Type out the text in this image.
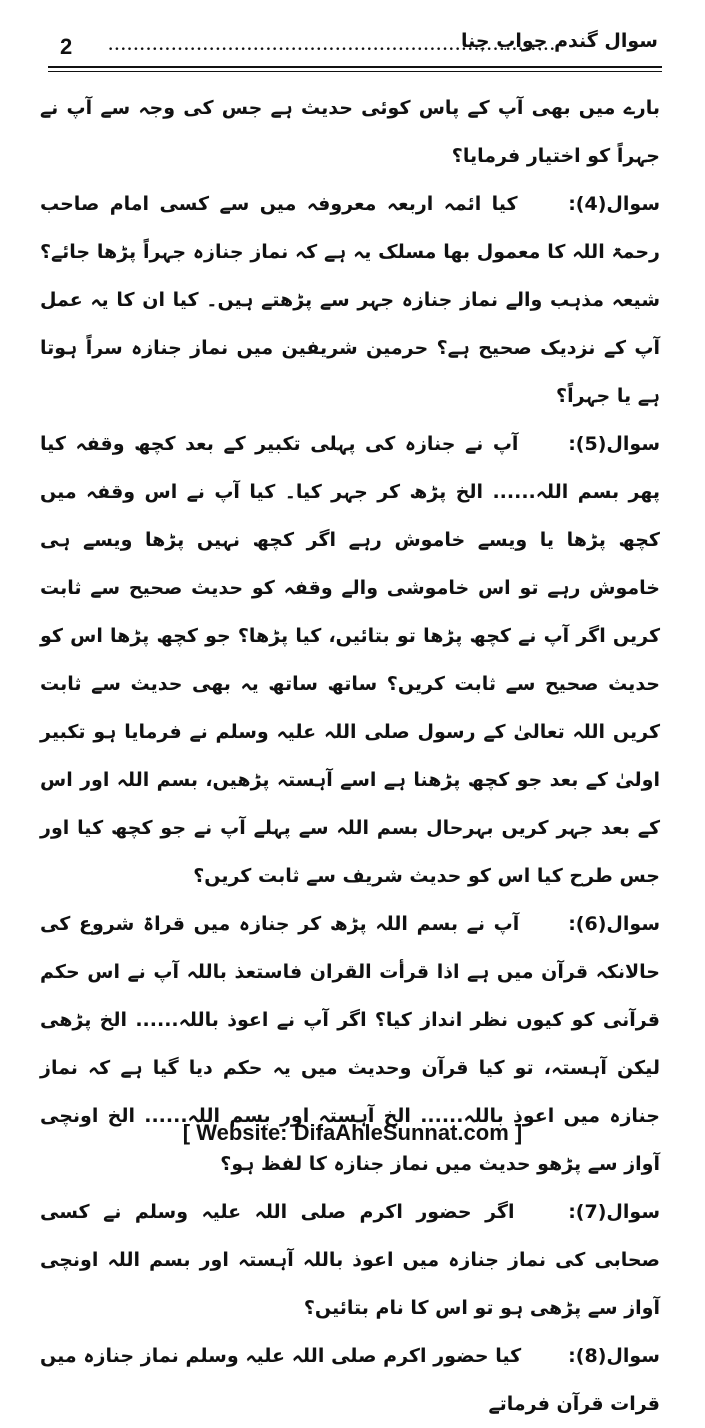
2	•••••••••••••••••••••••••••••••••••••••••••••••••••••••••••••••••••••••
سوال گندم جواب چنا

بارے میں بھی آپ کے پاس کوئی حدیث ہے جس کی وجہ سے آپ نے جہراً کو اختیار فرمایا؟

سوال(4): کیا ائمہ اربعہ معروفہ میں سے کسی امام صاحب رحمۃ اللہ کا معمول بھا مسلک یہ ہے کہ نماز جنازہ جہراً پڑھا جائے؟ شیعہ مذہب والے نماز جنازہ جہر سے پڑھتے ہیں۔ کیا ان کا یہ عمل آپ کے نزدیک صحیح ہے؟ حرمین شریفین میں نماز جنازہ سراً ہوتا ہے یا جہراً؟

سوال(5): آپ نے جنازہ کی پہلی تکبیر کے بعد کچھ وقفہ کیا پھر بسم اللہ...... الخ پڑھ کر جہر کیا۔ کیا آپ نے اس وقفہ میں کچھ پڑھا یا ویسے خاموش رہے اگر کچھ نہیں پڑھا ویسے ہی خاموش رہے تو اس خاموشی والے وقفہ کو حدیث صحیح سے ثابت کریں اگر آپ نے کچھ پڑھا تو بتائیں، کیا پڑھا؟ جو کچھ پڑھا اس کو حدیث صحیح سے ثابت کریں؟ ساتھ ساتھ یہ بھی حدیث سے ثابت کریں اللہ تعالیٰ کے رسول صلی اللہ علیہ وسلم نے فرمایا ہو تکبیر اولیٰ کے بعد جو کچھ پڑھنا ہے اسے آہستہ پڑھیں، بسم اللہ اور اس کے بعد جہر کریں بہرحال بسم اللہ سے پہلے آپ نے جو کچھ کیا اور جس طرح کیا اس کو حدیث شریف سے ثابت کریں؟

سوال(6): آپ نے بسم اللہ پڑھ کر جنازہ میں قراۃ شروع کی حالانکہ قرآن میں ہے اذا قرأت القران فاستعذ باللہ آپ نے اس حکم قرآنی کو کیوں نظر انداز کیا؟ اگر آپ نے اعوذ باللہ...... الخ پڑھی لیکن آہستہ، تو کیا قرآن وحدیث میں یہ حکم دیا گیا ہے کہ نماز جنازہ میں اعوذ باللہ...... الخ آہستہ اور بسم اللہ...... الخ اونچی آواز سے پڑھو حدیث میں نماز جنازہ کا لفظ ہو؟

سوال(7): اگر حضور اکرم صلی اللہ علیہ وسلم نے کسی صحابی کی نماز جنازہ میں اعوذ باللہ آہستہ اور بسم اللہ اونچی آواز سے پڑھی ہو تو اس کا نام بتائیں؟

سوال(8): کیا حضور اکرم صلی اللہ علیہ وسلم نماز جنازہ میں قرات قرآن فرماتے

[ Website: DifaAhleSunnat.com ]
